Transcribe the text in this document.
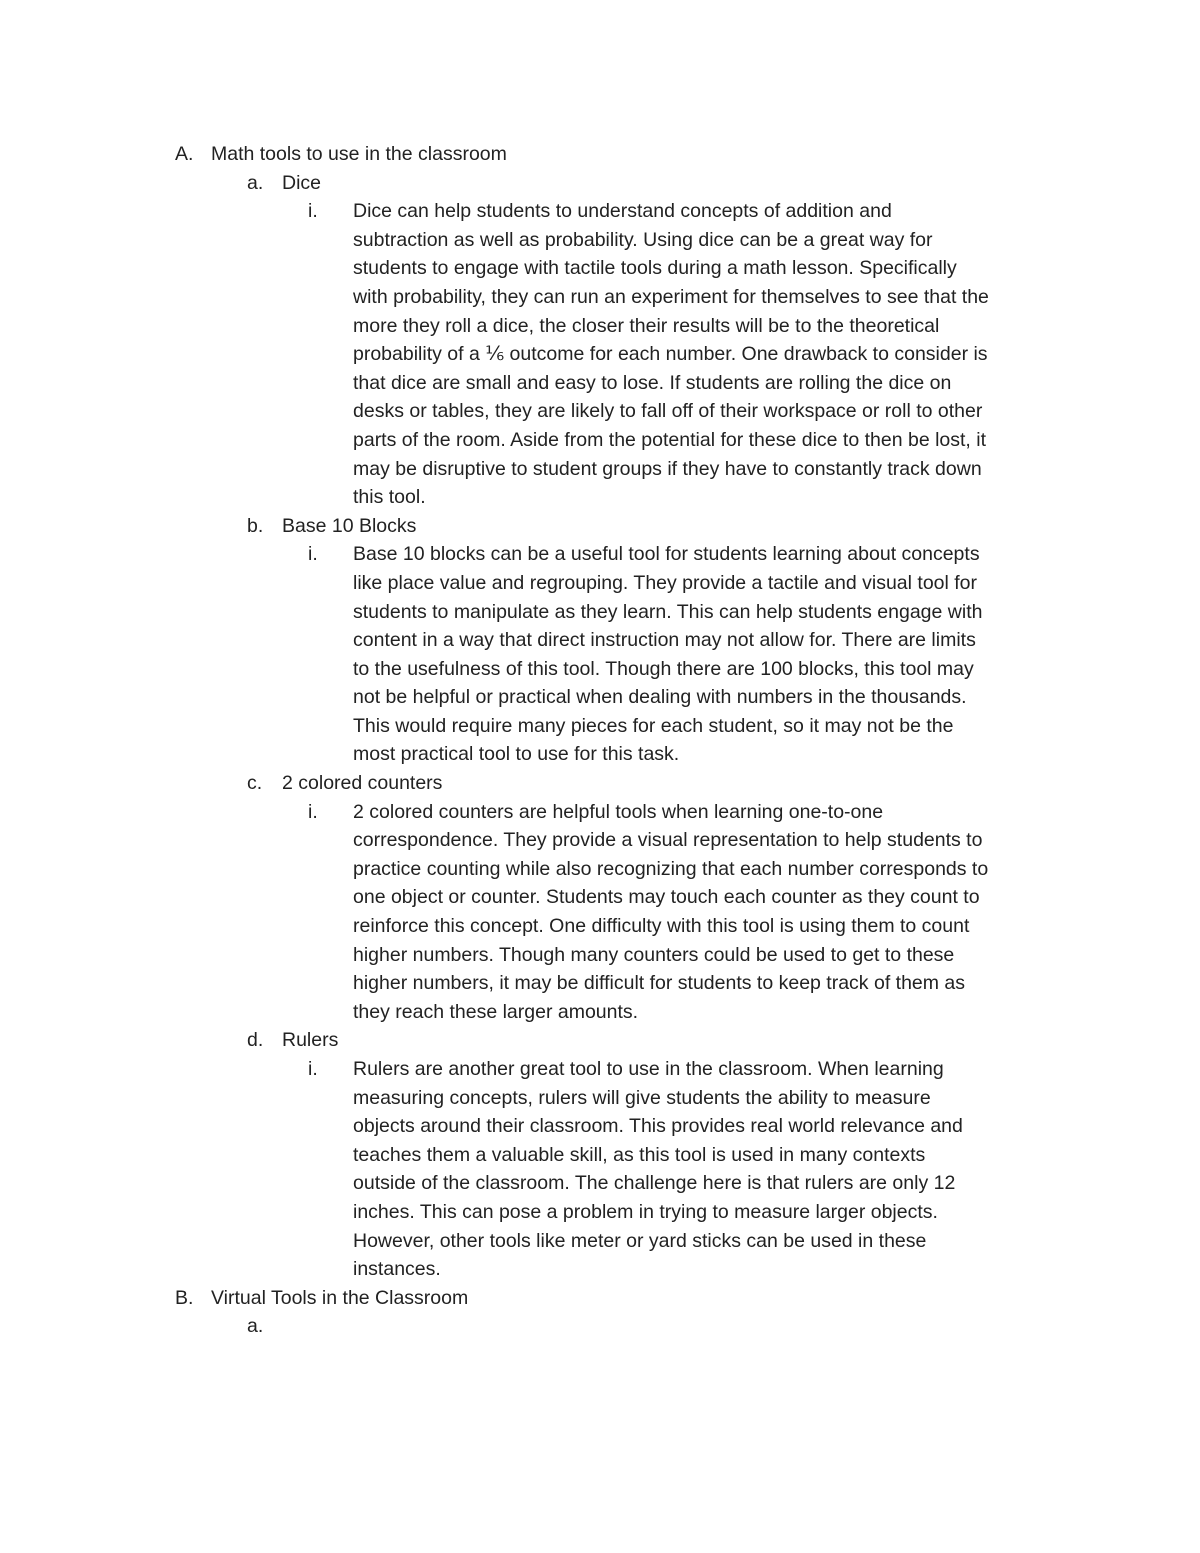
A. Math tools to use in the classroom
a. Dice
i. Dice can help students to understand concepts of addition and
subtraction as well as probability. Using dice can be a great way for
students to engage with tactile tools during a math lesson. Specifically
with probability, they can run an experiment for themselves to see that the
more they roll a dice, the closer their results will be to the theoretical
probability of a ⅙ outcome for each number. One drawback to consider is
that dice are small and easy to lose. If students are rolling the dice on
desks or tables, they are likely to fall off of their workspace or roll to other
parts of the room. Aside from the potential for these dice to then be lost, it
may be disruptive to student groups if they have to constantly track down
this tool.
b. Base 10 Blocks
i. Base 10 blocks can be a useful tool for students learning about concepts
like place value and regrouping. They provide a tactile and visual tool for
students to manipulate as they learn. This can help students engage with
content in a way that direct instruction may not allow for. There are limits
to the usefulness of this tool. Though there are 100 blocks, this tool may
not be helpful or practical when dealing with numbers in the thousands.
This would require many pieces for each student, so it may not be the
most practical tool to use for this task.
c. 2 colored counters
i. 2 colored counters are helpful tools when learning one-to-one
correspondence. They provide a visual representation to help students to
practice counting while also recognizing that each number corresponds to
one object or counter. Students may touch each counter as they count to
reinforce this concept. One difficulty with this tool is using them to count
higher numbers. Though many counters could be used to get to these
higher numbers, it may be difficult for students to keep track of them as
they reach these larger amounts.
d. Rulers
i. Rulers are another great tool to use in the classroom. When learning
measuring concepts, rulers will give students the ability to measure
objects around their classroom. This provides real world relevance and
teaches them a valuable skill, as this tool is used in many contexts
outside of the classroom. The challenge here is that rulers are only 12
inches. This can pose a problem in trying to measure larger objects.
However, other tools like meter or yard sticks can be used in these
instances.
B. Virtual Tools in the Classroom
a.
